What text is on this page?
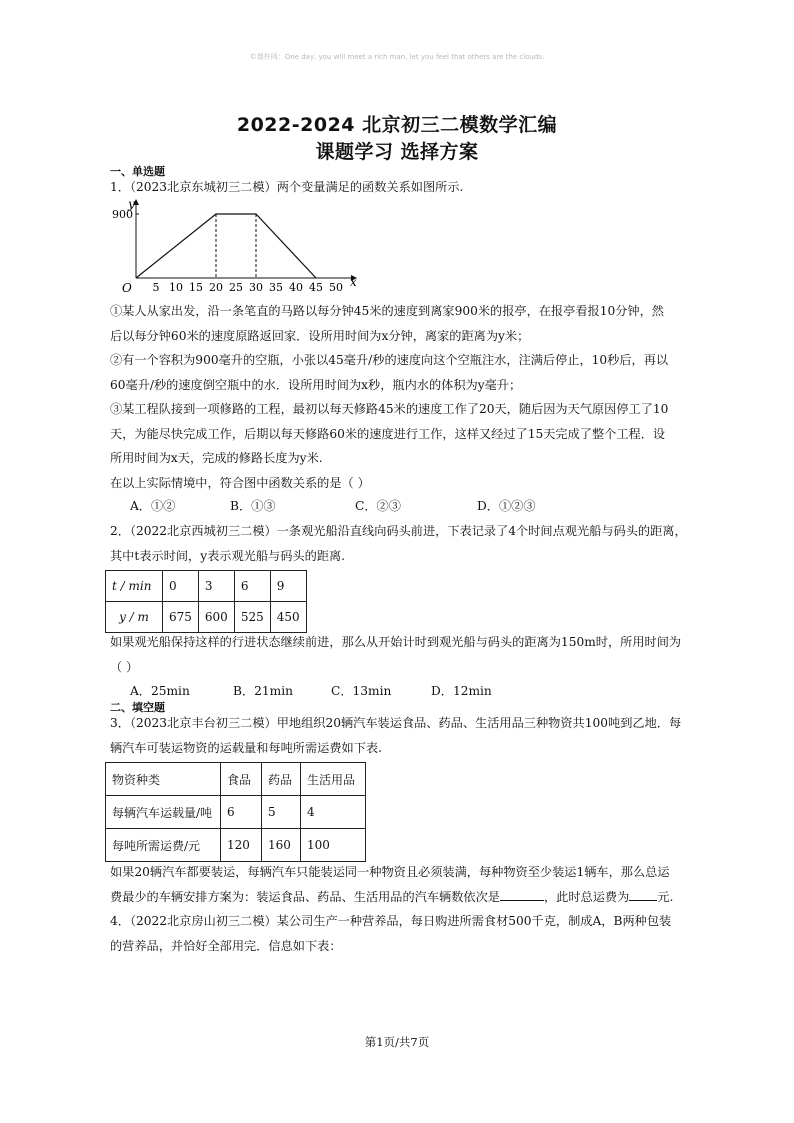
©课件网：One day, you will meet a rich man, let you feel that others are the clouds.
2022-2024 北京初三二模数学汇编
课题学习 选择方案
一、单选题
1．（2023北京东城初三二模）两个变量满足的函数关系如图所示.
5 10 15 20 25 30 35 40 45 50
900
y
x
O
①某人从家出发，沿一条笔直的马路以每分钟45米的速度到离家900米的报亭，在报亭看报10分钟，然
后以每分钟60米的速度原路返回家．设所用时间为x分钟，离家的距离为y米；
②有一个容积为900毫升的空瓶，小张以45毫升/秒的速度向这个空瓶注水，注满后停止，10秒后，再以
60毫升/秒的速度倒空瓶中的水．设所用时间为x秒，瓶内水的体积为y毫升；
③某工程队接到一项修路的工程，最初以每天修路45米的速度工作了20天，随后因为天气原因停工了10
天，为能尽快完成工作，后期以每天修路60米的速度进行工作，这样又经过了15天完成了整个工程．设
所用时间为x天，完成的修路长度为y米.
在以上实际情境中，符合图中函数关系的是（ ）
A．①②	B．①③	C．②③	D．①②③
2．（2022北京西城初三二模）一条观光船沿直线向码头前进，下表记录了4个时间点观光船与码头的距离，
其中t表示时间，y表示观光船与码头的距离.
t / min	0	3	6	9
y / m	675	600	525	450
如果观光船保持这样的行进状态继续前进，那么从开始计时到观光船与码头的距离为150m时，所用时间为
（ ）
A．25min	B．21min	C．13min	D．12min
二、填空题
3．（2023北京丰台初三二模）甲地组织20辆汽车装运食品、药品、生活用品三种物资共100吨到乙地．每
辆汽车可装运物资的运载量和每吨所需运费如下表.
物资种类	食品	药品	生活用品
每辆汽车运载量/吨	6	5	4
每吨所需运费/元	120	160	100
如果20辆汽车都要装运，每辆汽车只能装运同一种物资且必须装满，每种物资至少装运1辆车，那么总运
费最少的车辆安排方案为：装运食品、药品、生活用品的汽车辆数依次是	，此时总运费为 元.
4．（2022北京房山初三二模）某公司生产一种营养品，每日购进所需食材500千克，制成A，B两种包装
的营养品，并恰好全部用完．信息如下表：
第1页/共7页
